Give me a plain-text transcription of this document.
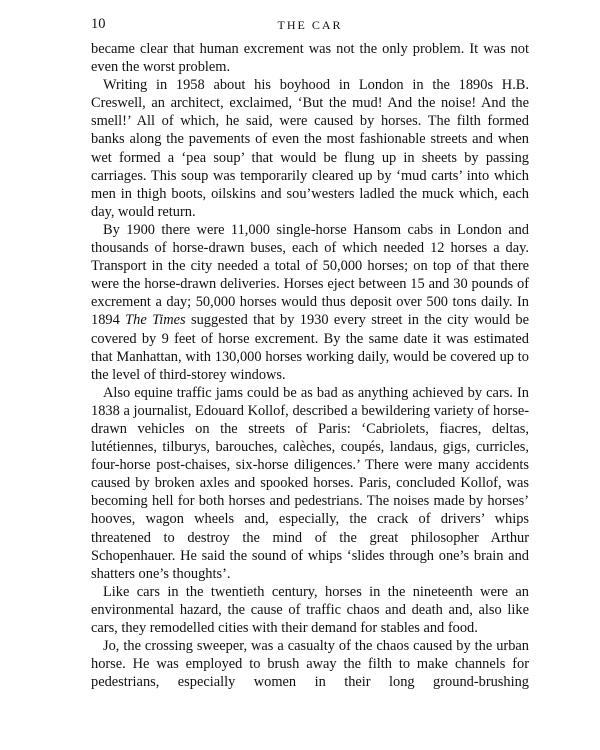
10	THE CAR

became clear that human excrement was not the only problem. It was not even the worst problem.

Writing in 1958 about his boyhood in London in the 1890s H.B. Creswell, an architect, exclaimed, ‘But the mud! And the noise! And the smell!’ All of which, he said, were caused by horses. The filth formed banks along the pavements of even the most fashionable streets and when wet formed a ‘pea soup’ that would be flung up in sheets by passing carriages. This soup was temporarily cleared up by ‘mud carts’ into which men in thigh boots, oilskins and sou’westers ladled the muck which, each day, would return.

By 1900 there were 11,000 single-horse Hansom cabs in London and thousands of horse-drawn buses, each of which needed 12 horses a day. Transport in the city needed a total of 50,000 horses; on top of that there were the horse-drawn deliveries. Horses eject between 15 and 30 pounds of excrement a day; 50,000 horses would thus deposit over 500 tons daily. In 1894 The Times suggested that by 1930 every street in the city would be covered by 9 feet of horse excrement. By the same date it was estimated that Manhattan, with 130,000 horses working daily, would be covered up to the level of third-storey windows.

Also equine traffic jams could be as bad as anything achieved by cars. In 1838 a journalist, Edouard Kollof, described a bewildering variety of horse-drawn vehicles on the streets of Paris: ‘Cabriolets, fiacres, deltas, lutétiennes, tilburys, barouches, calèches, coupés, landaus, gigs, curricles, four-horse post-chaises, six-horse diligences.’ There were many accidents caused by broken axles and spooked horses. Paris, concluded Kollof, was becoming hell for both horses and pedestrians. The noises made by horses’ hooves, wagon wheels and, especially, the crack of drivers’ whips threatened to destroy the mind of the great philosopher Arthur Schopenhauer. He said the sound of whips ‘slides through one’s brain and shatters one’s thoughts’.

Like cars in the twentieth century, horses in the nineteenth were an environmental hazard, the cause of traffic chaos and death and, also like cars, they remodelled cities with their demand for stables and food.

Jo, the crossing sweeper, was a casualty of the chaos caused by the urban horse. He was employed to brush away the filth to make channels for pedestrians, especially women in their long ground-brushing
